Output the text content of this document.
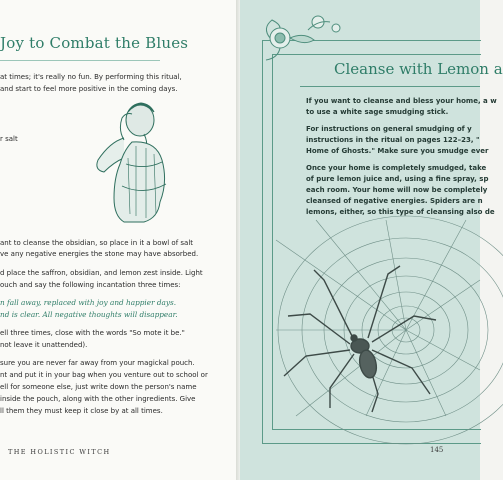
Joy to Combat the Blues
at times; it's really no fun. By performing this ritual,
and start to feel more positive in the coming days.
r salt
ant to cleanse the obsidian, so place in it a bowl of salt
ve any negative energies the stone may have absorbed.
d place the saffron, obsidian, and lemon zest inside. Light
ouch and say the following incantation three times:
n fall away, replaced with joy and happier days.
nd is clear. All negative thoughts will disappear.
ell three times, close with the words "So mote it be."
not leave it unattended).
sure you are never far away from your magickal pouch.
nt and put it in your bag when you venture out to school or
ell for someone else, just write down the person's name
inside the pouch, along with the other ingredients. Give
ll them they must keep it close by at all times.
THE HOLISTIC WITCH
Cleanse with Lemon a
If you want to cleanse and bless your home, a w
to use a white sage smudging stick.
For instructions on general smudging of y
instructions in the ritual on pages 122–23, "
Home of Ghosts." Make sure you smudge ever
Once your home is completely smudged, take
of pure lemon juice and, using a fine spray, sp
each room. Your home will now be completely
cleansed of negative energies. Spiders are n
lemons, either, so this type of cleansing also de
145
